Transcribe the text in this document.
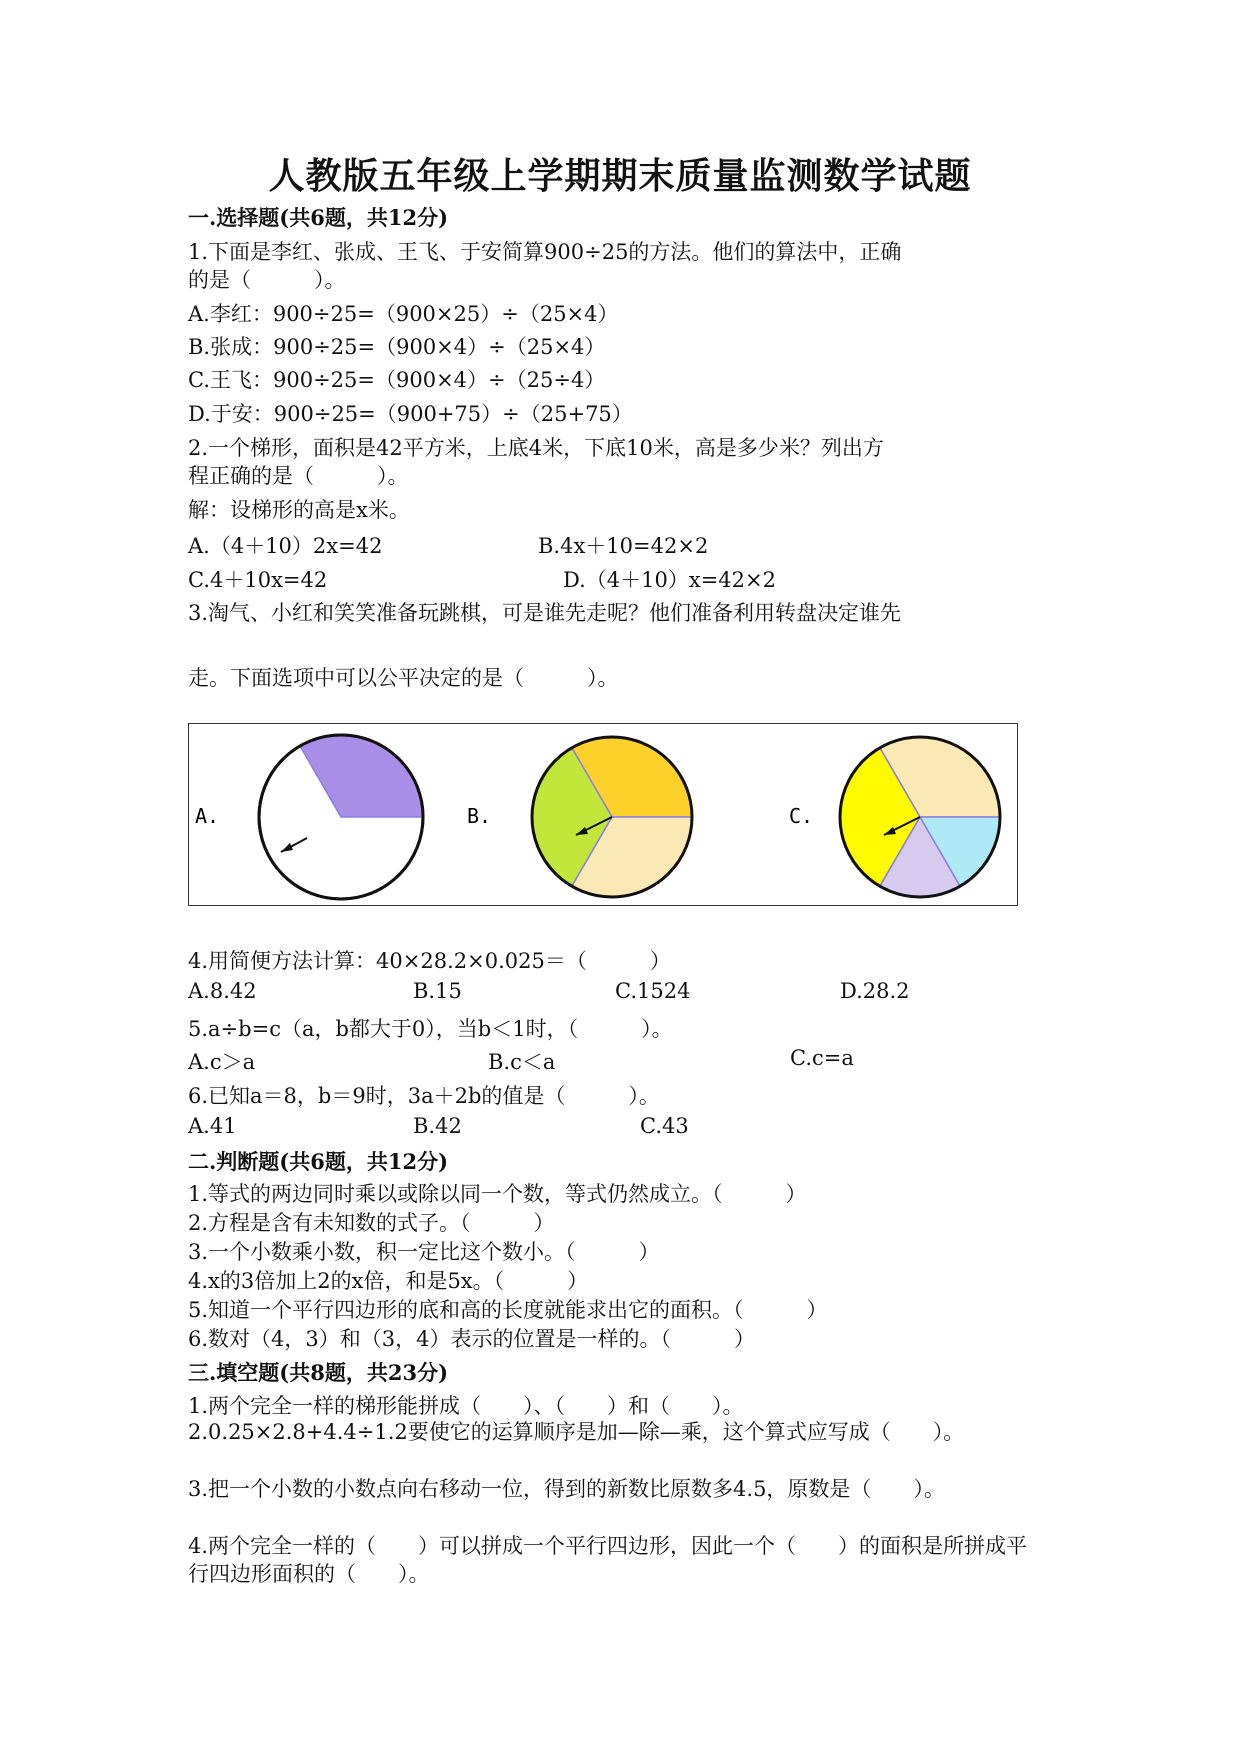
人教版五年级上学期期末质量监测数学试题
一.选择题(共6题，共12分)
1.下面是李红、张成、王飞、于安简算900÷25的方法。他们的算法中，正确
的是（　　　）。
A.李红：900÷25=（900×25）÷（25×4）
B.张成：900÷25=（900×4）÷（25×4）
C.王飞：900÷25=（900×4）÷（25÷4）
D.于安：900÷25=（900+75）÷（25+75）
2.一个梯形，面积是42平方米，上底4米，下底10米，高是多少米？列出方
程正确的是（　　　）。
解：设梯形的高是x米。
A.（4＋10）2x=42	B.4x＋10=42×2
C.4＋10x=42	D.（4＋10）x=42×2
3.淘气、小红和笑笑准备玩跳棋，可是谁先走呢？他们准备利用转盘决定谁先
走。下面选项中可以公平决定的是（　　　）。
A.	B.	C.
4.用简便方法计算：40×28.2×0.025＝（　　　）
A.8.42	B.15	C.1524	D.28.2
5.a÷b=c（a，b都大于0），当b＜1时，（　　　）。
A.c＞a	B.c＜a	C.c=a
6.已知a＝8，b＝9时，3a＋2b的值是（　　　）。
A.41	B.42	C.43
二.判断题(共6题，共12分)
1.等式的两边同时乘以或除以同一个数，等式仍然成立。（　　　）
2.方程是含有未知数的式子。（　　　）
3.一个小数乘小数，积一定比这个数小。（　　　）
4.x的3倍加上2的x倍，和是5x。（　　　）
5.知道一个平行四边形的底和高的长度就能求出它的面积。（　　　）
6.数对（4，3）和（3，4）表示的位置是一样的。（　　　）
三.填空题(共8题，共23分)
1.两个完全一样的梯形能拼成（　　）、（　　）和（　　）。
2.0.25×2.8+4.4÷1.2要使它的运算顺序是加—除—乘，这个算式应写成（　　）。
3.把一个小数的小数点向右移动一位，得到的新数比原数多4.5，原数是（　　）。
4.两个完全一样的（　　）可以拼成一个平行四边形，因此一个（　　）的面积是所拼成平行四边形面积的（　　）。
